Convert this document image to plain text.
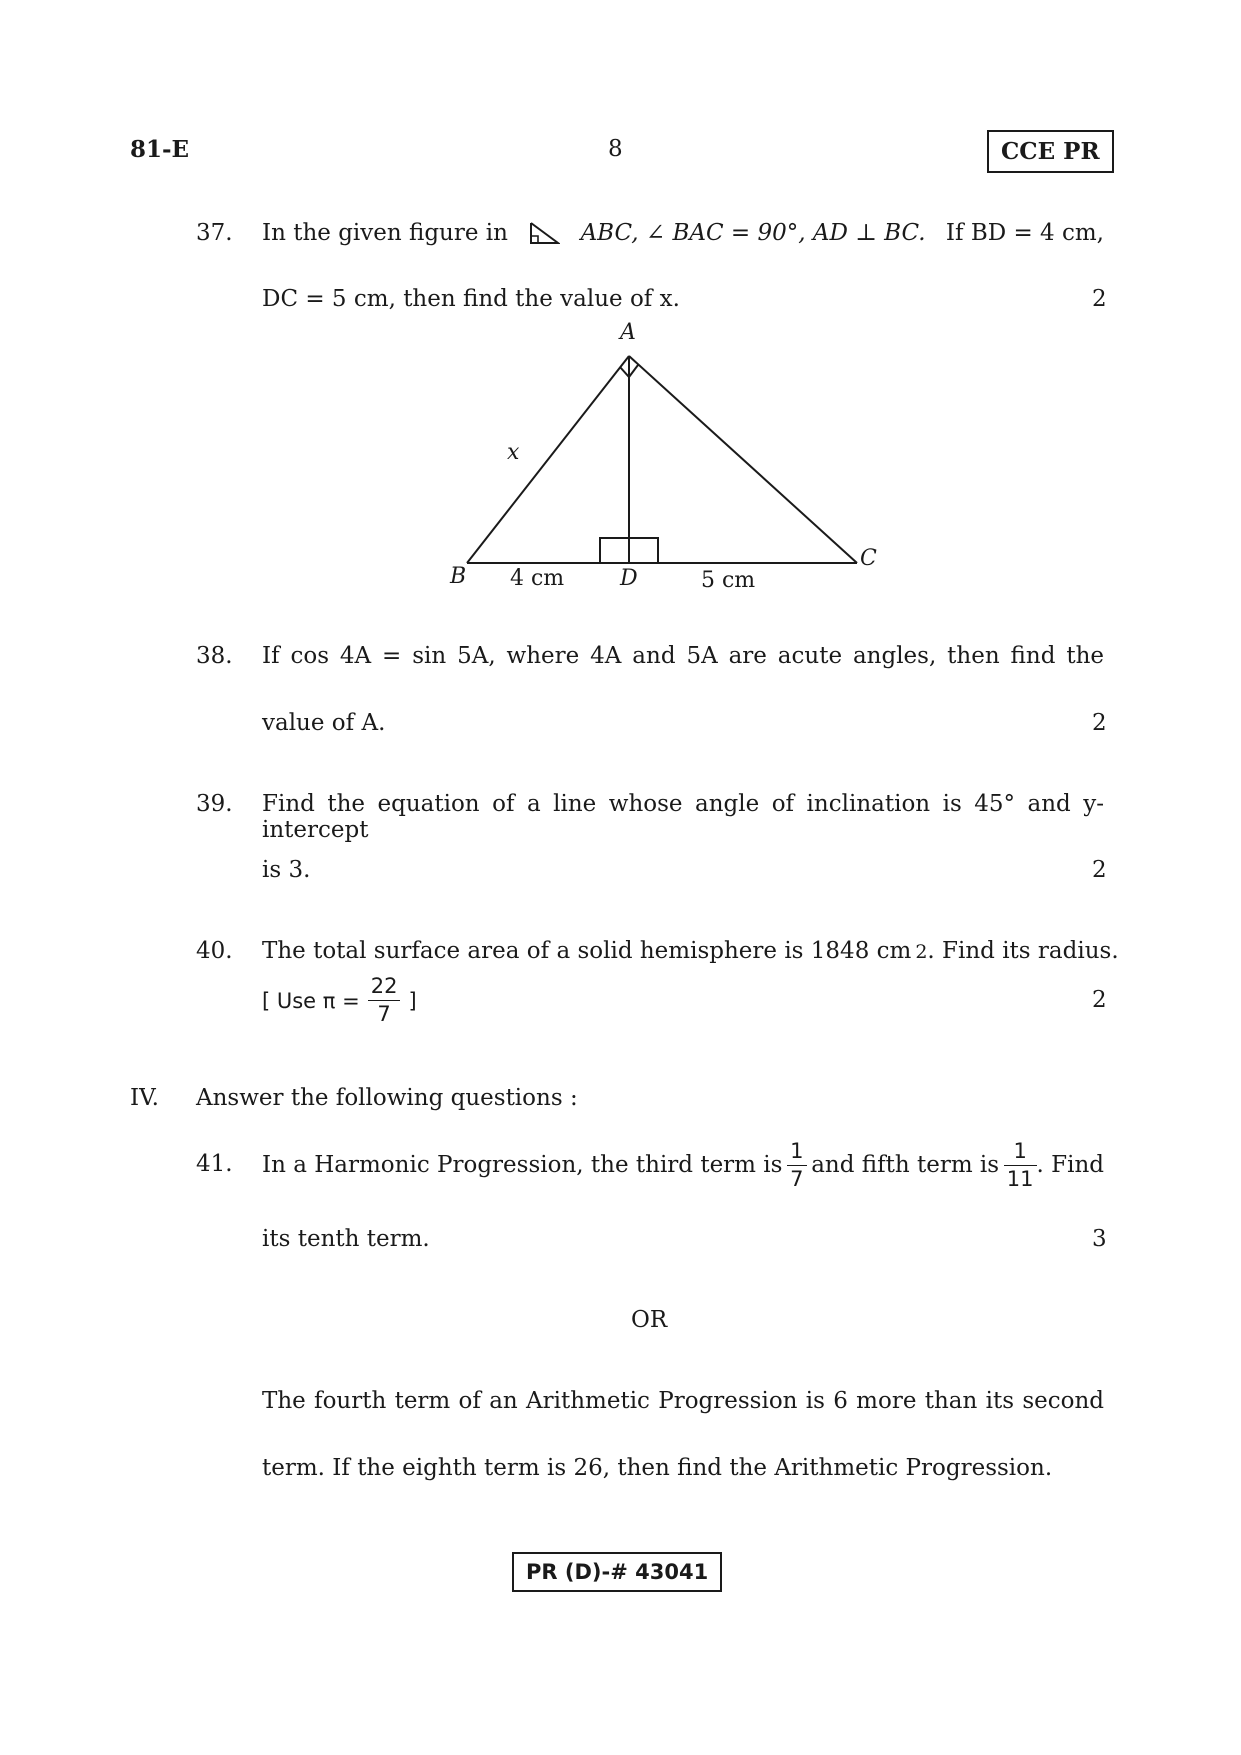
81-E	8	CCE PR
37. In the given figure in	ABC, ∠ BAC = 90°, AD ⊥ BC. If BD = 4 cm,
DC = 5 cm, then find the value of x.	2
A
B
C
D
x
4 cm	5 cm
38. If cos 4A = sin 5A, where 4A and 5A are acute angles, then find the
value of A.	2
39. Find the equation of a line whose angle of inclination is 45° and y-intercept
is 3.	2
40. The total surface area of a solid hemisphere is 1848 cm 2 . Find its radius.
[ Use $\pi = \frac{22}{7}$ ]	2
IV. Answer the following questions :
41. In a Harmonic Progression, the third term is $\frac{1}{7}$ and fifth term is $\frac{1}{11}$ . Find
its tenth term.	3
OR
The fourth term of an Arithmetic Progression is 6 more than its second
term. If the eighth term is 26, then find the Arithmetic Progression.
PR (D)-# 43041
